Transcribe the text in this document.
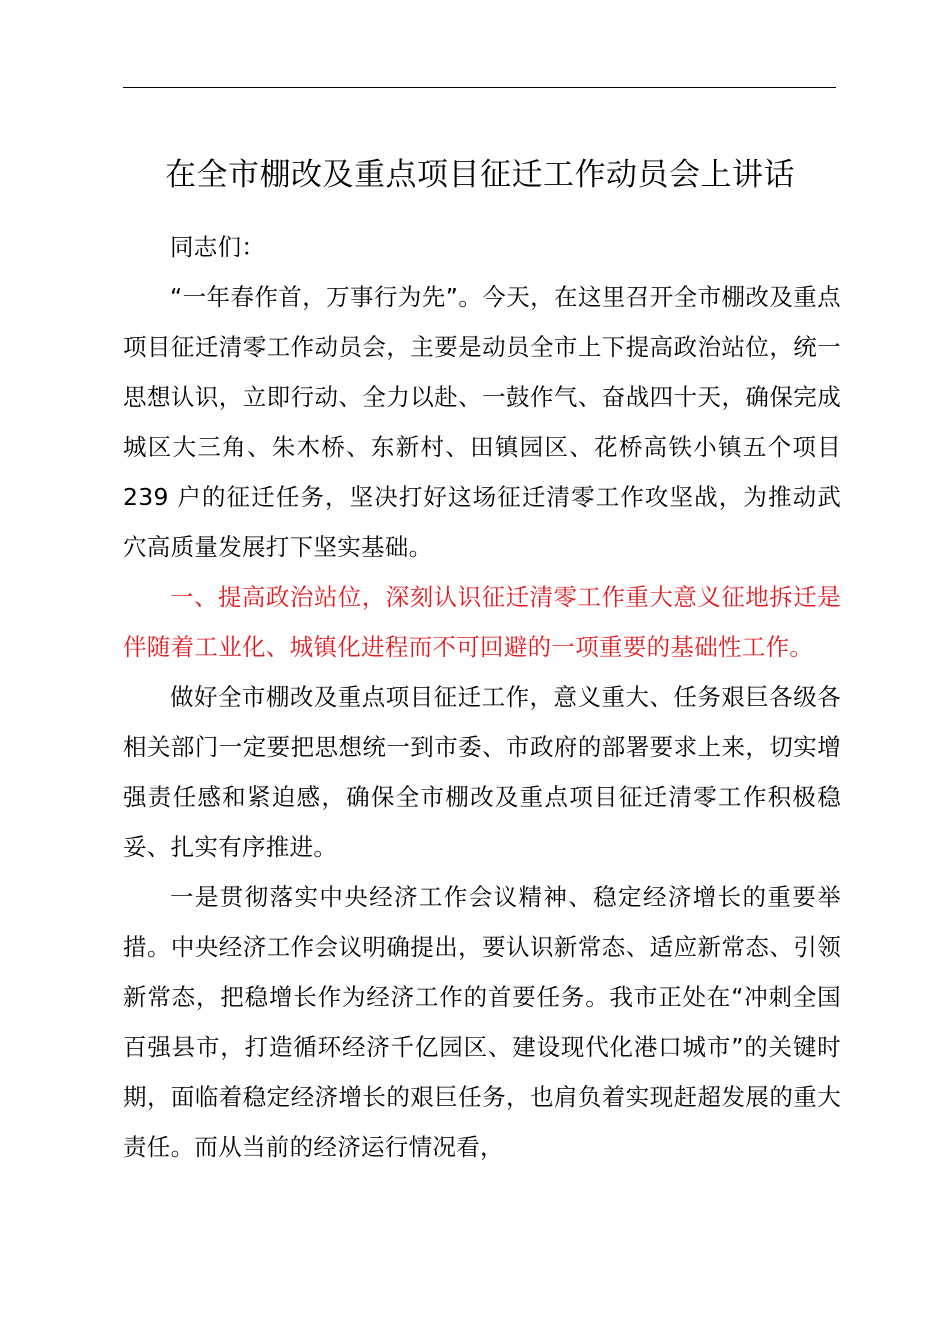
在全市棚改及重点项目征迁工作动员会上讲话

同志们：

“一年春作首，万事行为先”。今天，在这里召开全市棚改及重点项目征迁清零工作动员会，主要是动员全市上下提高政治站位，统一思想认识，立即行动、全力以赴、一鼓作气、奋战四十天，确保完成城区大三角、朱木桥、东新村、田镇园区、花桥高铁小镇五个项目 239 户的征迁任务，坚决打好这场征迁清零工作攻坚战，为推动武穴高质量发展打下坚实基础。

一、提高政治站位，深刻认识征迁清零工作重大意义征地拆迁是伴随着工业化、城镇化进程而不可回避的一项重要的基础性工作。

做好全市棚改及重点项目征迁工作，意义重大、任务艰巨各级各相关部门一定要把思想统一到市委、市政府的部署要求上来，切实增强责任感和紧迫感，确保全市棚改及重点项目征迁清零工作积极稳妥、扎实有序推进。

一是贯彻落实中央经济工作会议精神、稳定经济增长的重要举措。中央经济工作会议明确提出，要认识新常态、适应新常态、引领新常态，把稳增长作为经济工作的首要任务。我市正处在“冲刺全国百强县市，打造循环经济千亿园区、建设现代化港口城市”的关键时期，面临着稳定经济增长的艰巨任务，也肩负着实现赶超发展的重大责任。而从当前的经济运行情况看，
